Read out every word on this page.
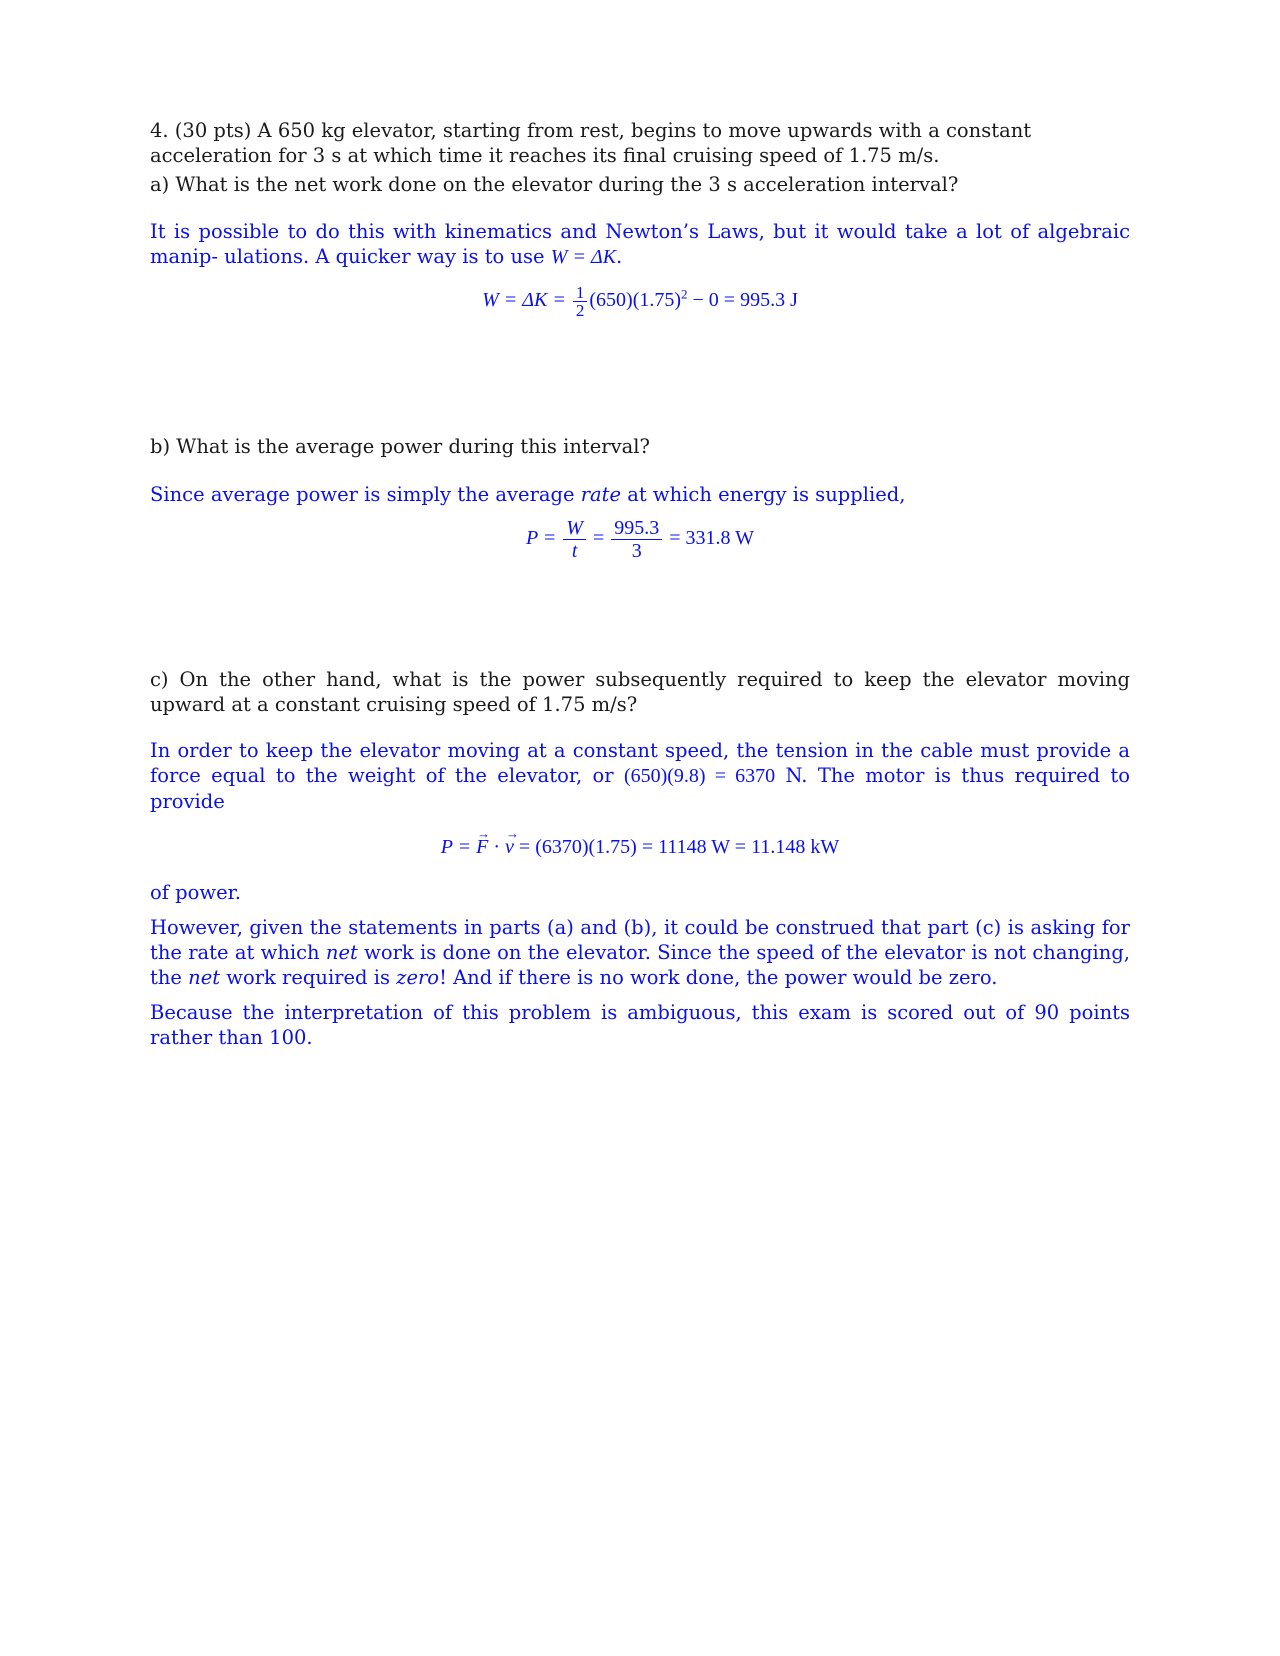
4. (30 pts) A 650 kg elevator, starting from rest, begins to move upwards with a constant acceleration for 3 s at which time it reaches its final cruising speed of 1.75 m/s.

a) What is the net work done on the elevator during the 3 s acceleration interval?

It is possible to do this with kinematics and Newton’s Laws, but it would take a lot of algebraic manip- ulations. A quicker way is to use W = ΔK.

$W = \Delta K = \frac{1}{2} (650)(1.75)^2 - 0 = 995.3$ J

b) What is the average power during this interval?

Since average power is simply the average rate at which energy is supplied,

$P = \frac{W}{t} = \frac{995.3}{3} = 331.8$ W

c) On the other hand, what is the power subsequently required to keep the elevator moving upward at a constant cruising speed of 1.75 m/s?

In order to keep the elevator moving at a constant speed, the tension in the cable must provide a force equal to the weight of the elevator, or (650)(9.8) = 6370 N. The motor is thus required to provide

P = → F · → v = (6370)(1.75) = 11148 W = 11.148 kW

of power.

However, given the statements in parts (a) and (b), it could be construed that part (c) is asking for the rate at which net work is done on the elevator. Since the speed of the elevator is not changing, the net work required is zero! And if there is no work done, the power would be zero.

Because the interpretation of this problem is ambiguous, this exam is scored out of 90 points rather than 100.
